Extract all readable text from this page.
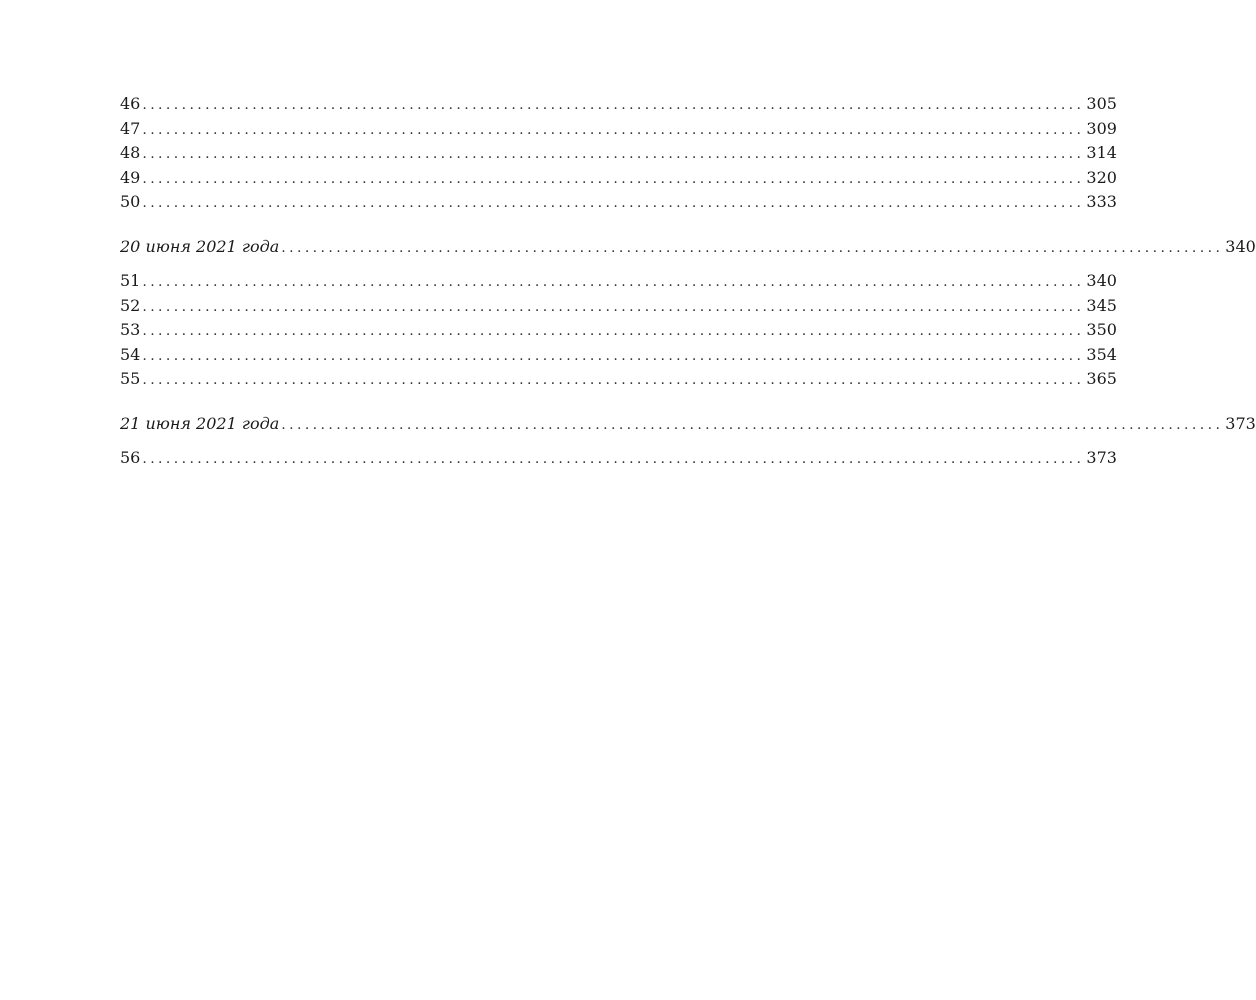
46 ........................................................................................................................ 305
47 ........................................................................................................................ 309
48 ........................................................................................................................ 314
49 ........................................................................................................................ 320
50 ........................................................................................................................ 333
20 июня 2021 года ........................................................................................................................ 340
51 ........................................................................................................................ 340
52 ........................................................................................................................ 345
53 ........................................................................................................................ 350
54 ........................................................................................................................ 354
55 ........................................................................................................................ 365
21 июня 2021 года ........................................................................................................................ 373
56 ........................................................................................................................ 373
